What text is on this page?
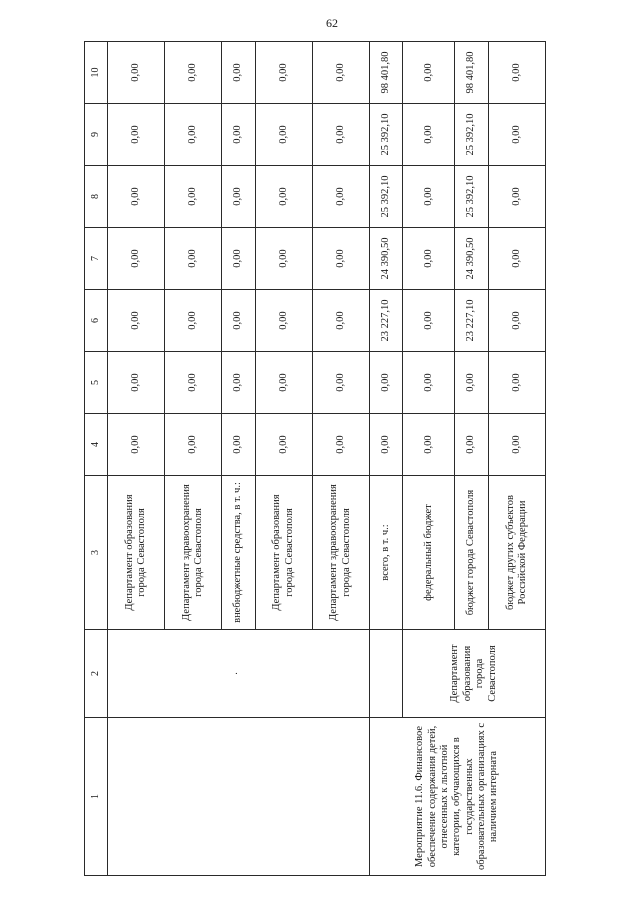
62
1	2	3	4	5	6	7	8	9	10
	·	Департамент образования города Севастополя	0,00	0,00	0,00	0,00	0,00	0,00	0,00
		Департамент здравоохранения города Севастополя	0,00	0,00	0,00	0,00	0,00	0,00	0,00
		внебюджетные средства, в т. ч.:	0,00	0,00	0,00	0,00	0,00	0,00	0,00
		Департамент образования города Севастополя	0,00	0,00	0,00	0,00	0,00	0,00	0,00
		Департамент здравоохранения города Севастополя	0,00	0,00	0,00	0,00	0,00	0,00	0,00
Мероприятие 11.6. Финансовое обеспечение содержания детей, отнесенных к льготной категории, обучающихся в государственных образовательных организациях с наличием интерната		всего, в т. ч.:	0,00	0,00	23 227,10	24 390,50	25 392,10	25 392,10	98 401,80
	Департамент образования города Севастополя	федеральный бюджет	0,00	0,00	0,00	0,00	0,00	0,00	0,00
		бюджет города Севастополя	0,00	0,00	23 227,10	24 390,50	25 392,10	25 392,10	98 401,80
		бюджет других субъектов Российской Федерации	0,00	0,00	0,00	0,00	0,00	0,00	0,00
